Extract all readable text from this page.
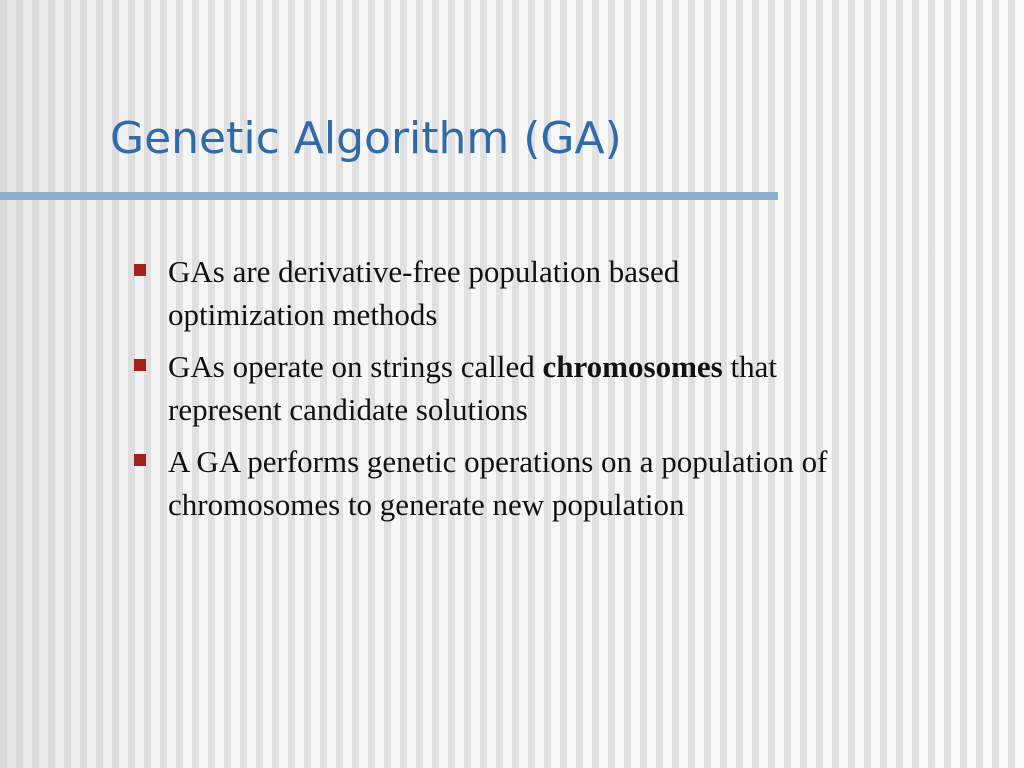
Genetic Algorithm (GA)
GAs are derivative-free population based
optimization methods
GAs operate on strings called chromosomes that
represent candidate solutions
A GA performs genetic operations on a population of
chromosomes to generate new population
